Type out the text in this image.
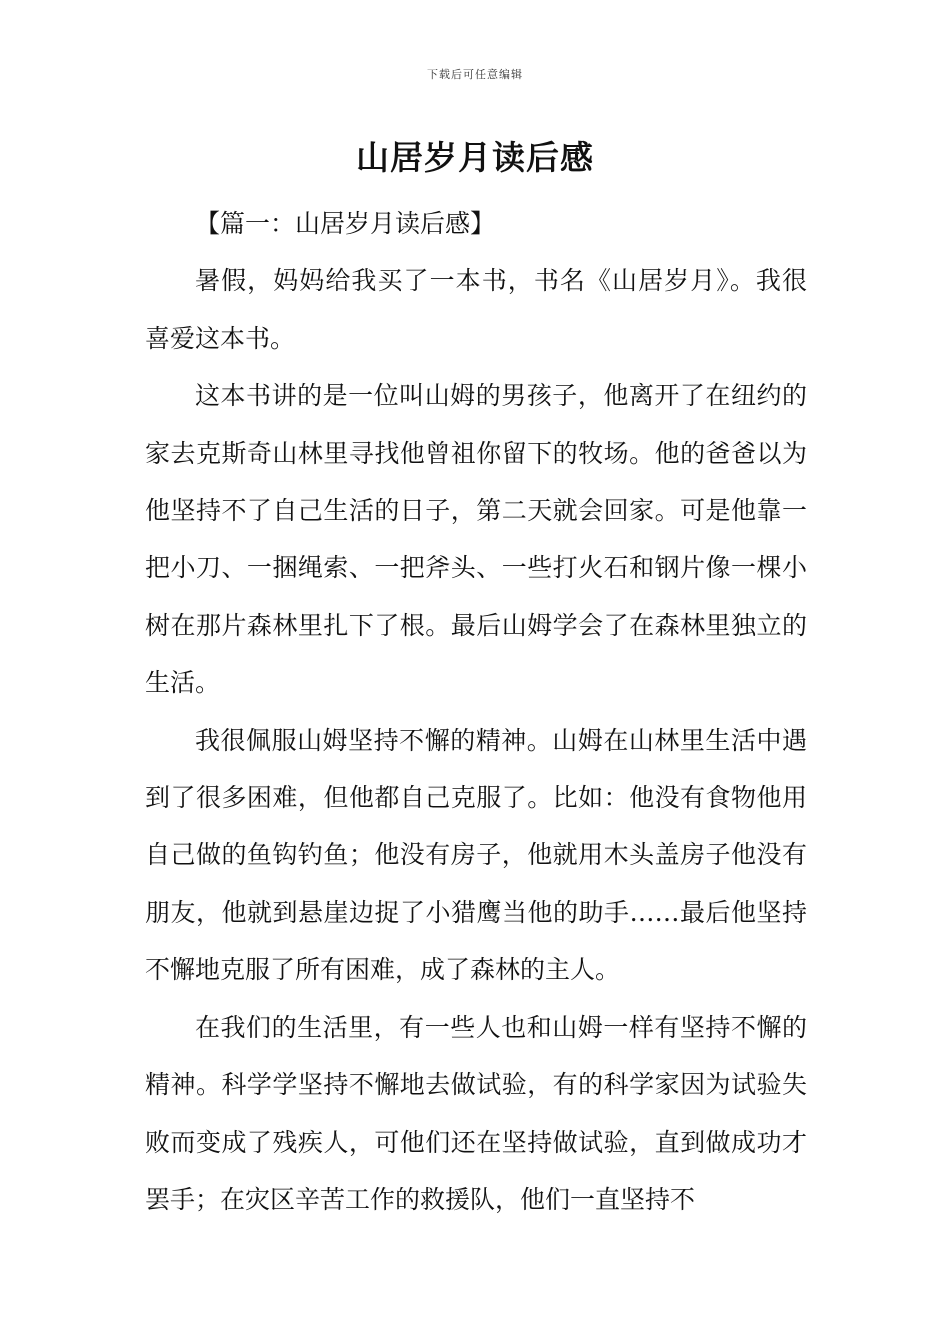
下载后可任意编辑
山居岁月读后感

【篇一：山居岁月读后感】

暑假，妈妈给我买了一本书，书名《山居岁月》。我很喜爱这本书。

这本书讲的是一位叫山姆的男孩子，他离开了在纽约的家去克斯奇山林里寻找他曾祖你留下的牧场。他的爸爸以为他坚持不了自己生活的日子，第二天就会回家。可是他靠一把小刀、一捆绳索、一把斧头、一些打火石和钢片像一棵小树在那片森林里扎下了根。最后山姆学会了在森林里独立的生活。

我很佩服山姆坚持不懈的精神。山姆在山林里生活中遇到了很多困难，但他都自己克服了。比如：他没有食物他用自己做的鱼钩钓鱼；他没有房子，他就用木头盖房子他没有朋友，他就到悬崖边捉了小猎鹰当他的助手……最后他坚持不懈地克服了所有困难，成了森林的主人。

在我们的生活里，有一些人也和山姆一样有坚持不懈的精神。科学学坚持不懈地去做试验，有的科学家因为试验失败而变成了残疾人，可他们还在坚持做试验，直到做成功才罢手；在灾区辛苦工作的救援队，他们一直坚持不
